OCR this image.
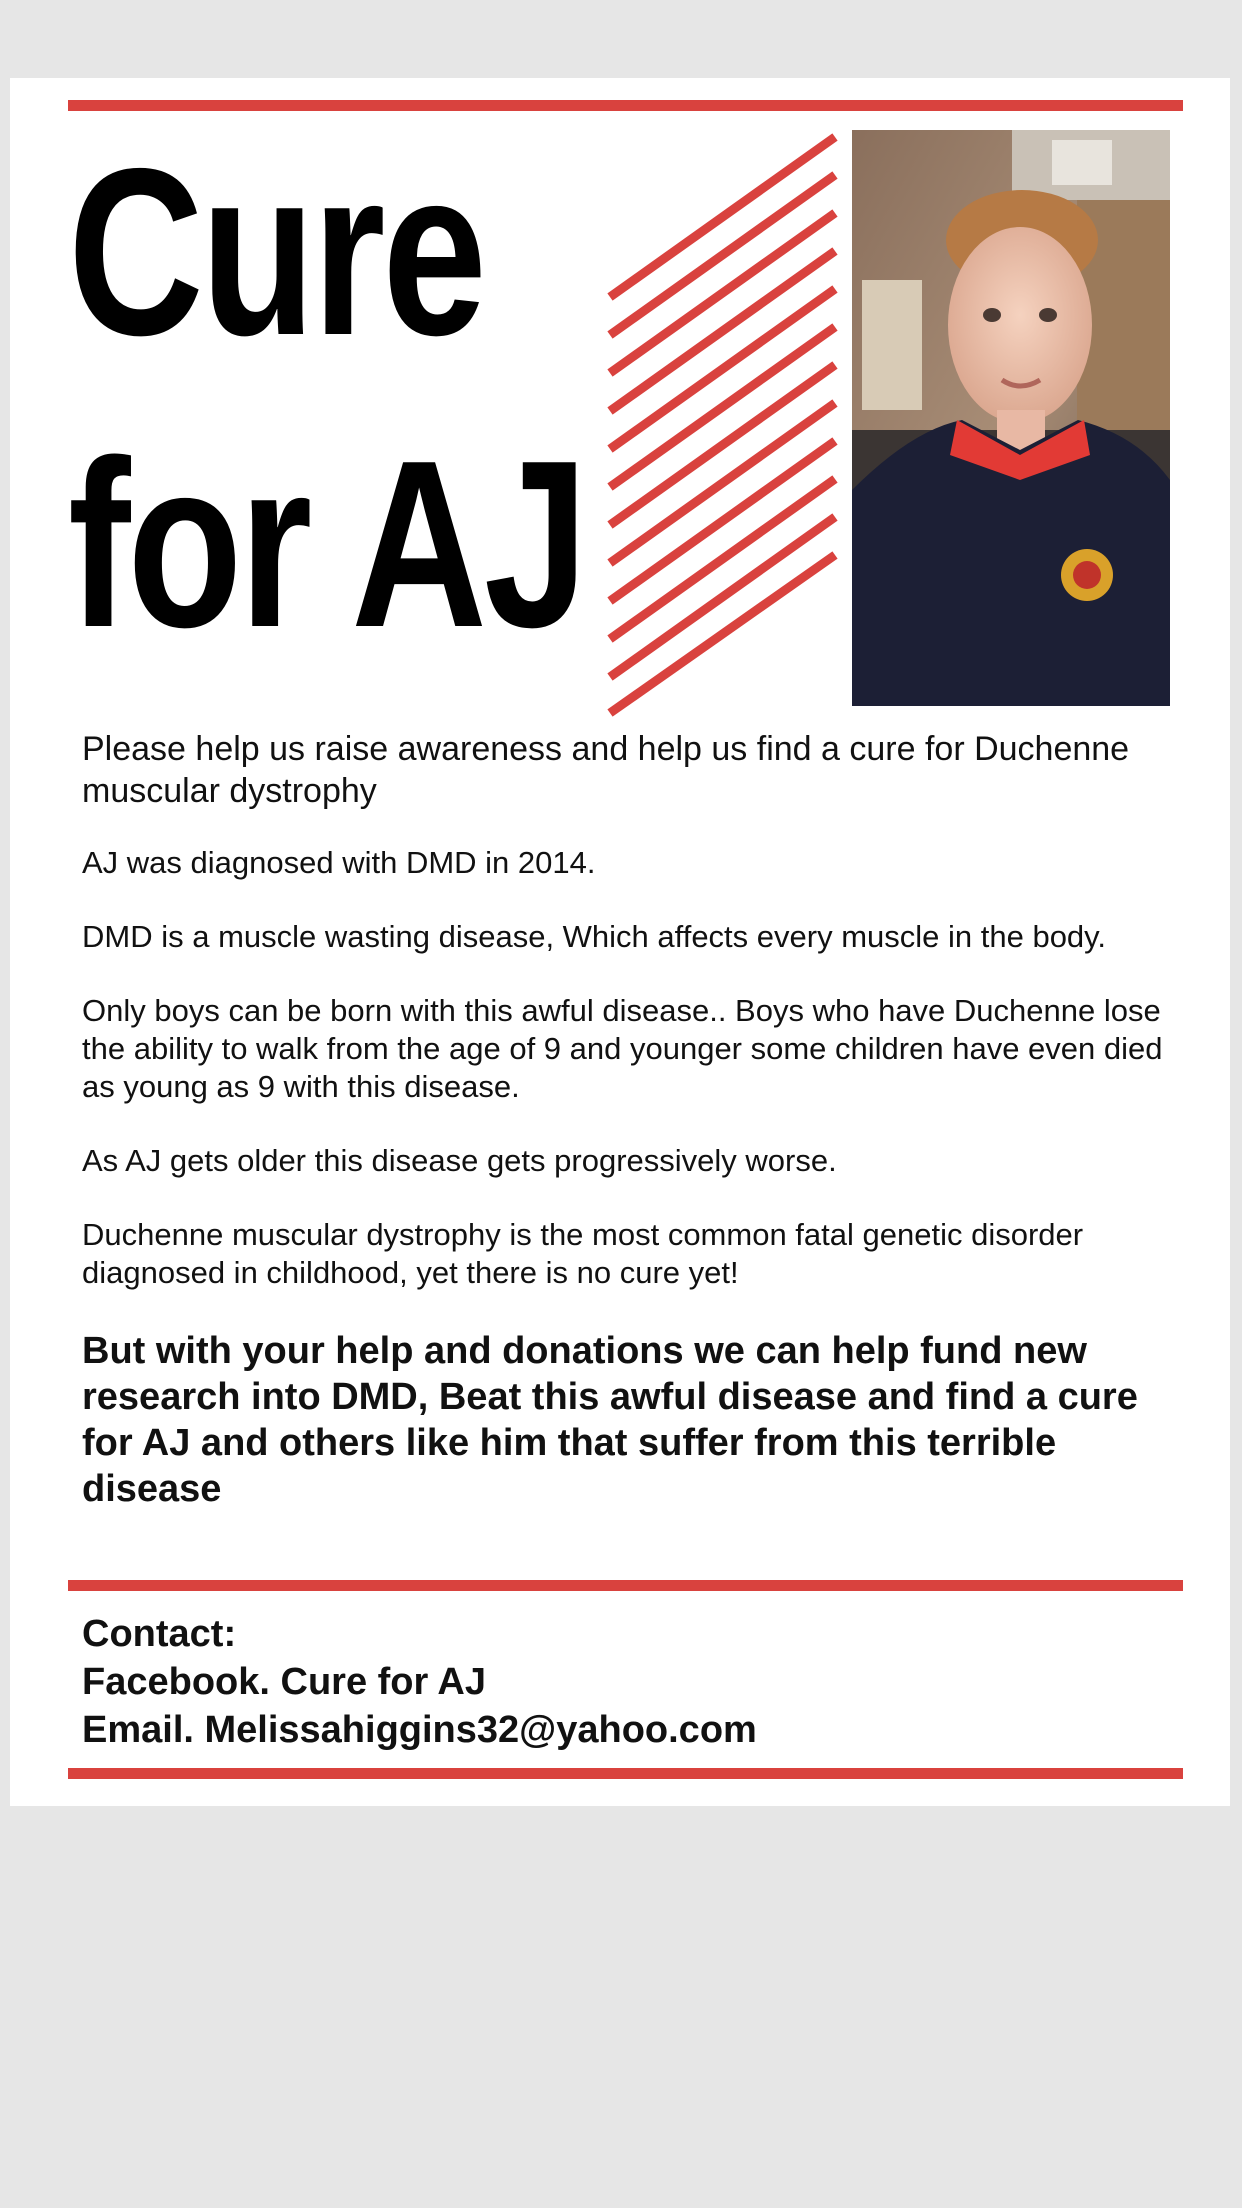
Cure
for AJ

Please help us raise awareness and help us find a cure for Duchenne muscular dystrophy

AJ was diagnosed with DMD in 2014.

DMD is a muscle wasting disease, Which affects every muscle in the body.

Only boys can be born with this awful disease.. Boys who have Duchenne lose the ability to walk from the age of 9 and younger some children have even died as young as 9 with this disease.

As AJ gets older this disease gets progressively worse.

Duchenne muscular dystrophy is the most common fatal genetic disorder diagnosed in childhood, yet there is no cure yet!

But with your help and donations we can help fund new research into DMD, Beat this awful disease and find a cure for AJ and others like him that suffer from this terrible disease

Contact:
Facebook. Cure for AJ
Email. Melissahiggins32@yahoo.com
